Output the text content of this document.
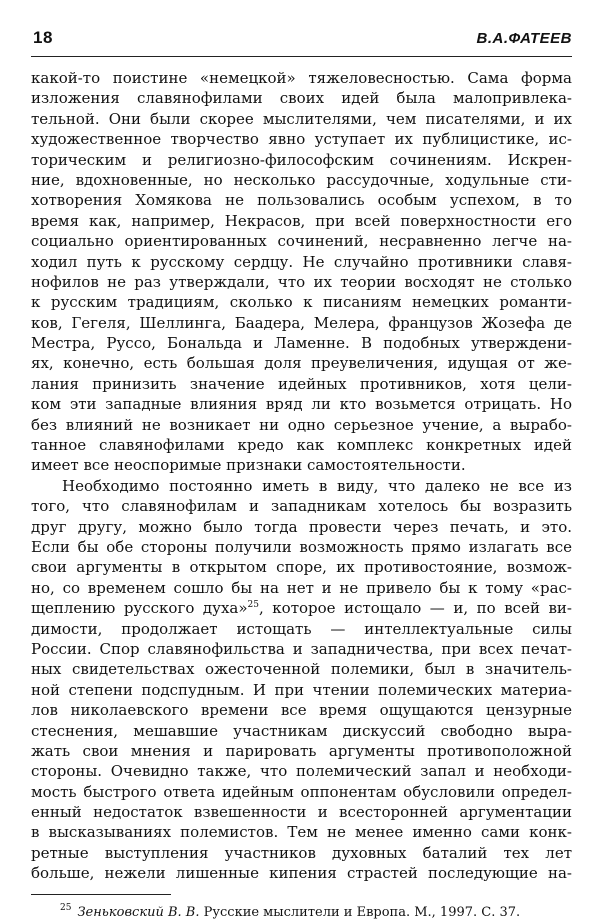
18	В.А.ФАТЕЕВ
какой-то поистине «немецкой» тяжеловесностью. Сама форма
изложения славянофилами своих идей была малопривлека-
тельной. Они были скорее мыслителями, чем писателями, и их
художественное творчество явно уступает их публицистике, ис-
торическим и религиозно-философским сочинениям. Искрен-
ние, вдохновенные, но несколько рассудочные, ходульные сти-
хотворения Хомякова не пользовались особым успехом, в то
время как, например, Некрасов, при всей поверхностности его
социально ориентированных сочинений, несравненно легче на-
ходил путь к русскому сердцу. Не случайно противники славя-
нофилов не раз утверждали, что их теории восходят не столько
к русским традициям, сколько к писаниям немецких романти-
ков, Гегеля, Шеллинга, Баадера, Мелера, французов Жозефа де
Местра, Руссо, Бональда и Ламенне. В подобных утверждени-
ях, конечно, есть большая доля преувеличения, идущая от же-
лания принизить значение идейных противников, хотя цели-
ком эти западные влияния вряд ли кто возьмется отрицать. Но
без влияний не возникает ни одно серьезное учение, а вырабо-
танное славянофилами кредо как комплекс конкретных идей
имеет все неоспоримые признаки самостоятельности.
Необходимо постоянно иметь в виду, что далеко не все из
того, что славянофилам и западникам хотелось бы возразить
друг другу, можно было тогда провести через печать, и это.
Если бы обе стороны получили возможность прямо излагать все
свои аргументы в открытом споре, их противостояние, возмож-
но, со временем сошло бы на нет и не привело бы к тому «рас-
щеплению русского духа»$^{25}$, которое истощало — и, по всей ви-
димости, продолжает истощать — интеллектуальные силы
России. Спор славянофильства и западничества, при всех печат-
ных свидетельствах ожесточенной полемики, был в значитель-
ной степени подспудным. И при чтении полемических материа-
лов николаевского времени все время ощущаются цензурные
стеснения, мешавшие участникам дискуссий свободно выра-
жать свои мнения и парировать аргументы противоположной
стороны. Очевидно также, что полемический запал и необходи-
мость быстрого ответа идейным оппонентам обусловили определ-
енный недостаток взвешенности и всесторонней аргументации
в высказываниях полемистов. Тем не менее именно сами конк-
ретные выступления участников духовных баталий тех лет
больше, нежели лишенные кипения страстей последующие на-
$^{25}$ Зеньковский В. В. Русские мыслители и Европа. М., 1997. С. 37.
